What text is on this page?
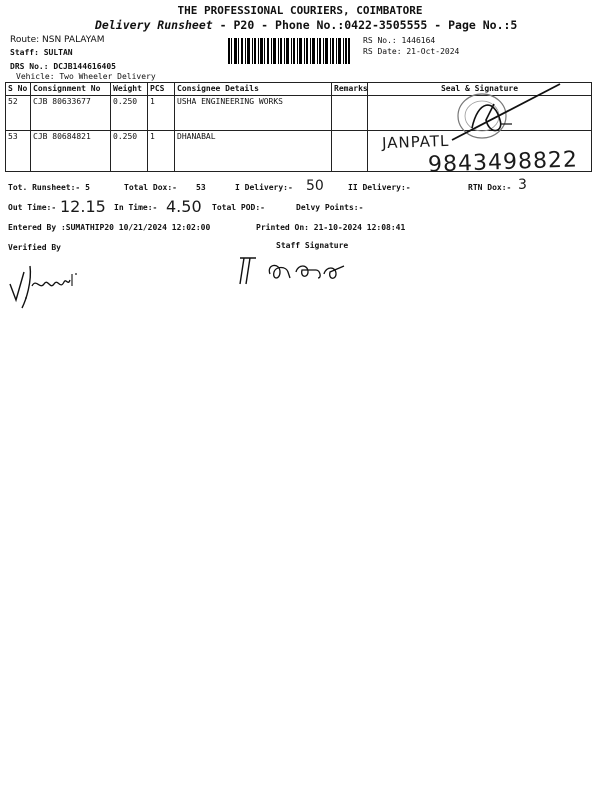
THE PROFESSIONAL COURIERS, COIMBATORE
Delivery Runsheet - P20 - Phone No.:0422-3505555 - Page No.:5
Route: NSN PALAYAM
Staff: SULTAN
DRS No.: DCJB144616405
Vehicle: Two Wheeler Delivery
RS No.: 1446164
RS Date: 21-Oct-2024
S No	Consignment No	Weight	PCS	Consignee Details	Remarks	Seal & Signature
52	CJB 80633677	0.250	1	USHA ENGINEERING WORKS		
53	CJB 80684821	0.250	1	DHANABAL			JANPATL
9843498822
Tot. Runsheet:- 5	Total Dox:- 53	I Delivery:- 50	II Delivery:-	RTN Dox:- 3
Out Time:- 12.15 In Time:- 4.50 Total POD:-	Delvy Points:-
Entered By :SUMATHIP20 10/21/2024 12:02:00	Printed On: 21-10-2024 12:08:41
Verified By	Staff Signature
